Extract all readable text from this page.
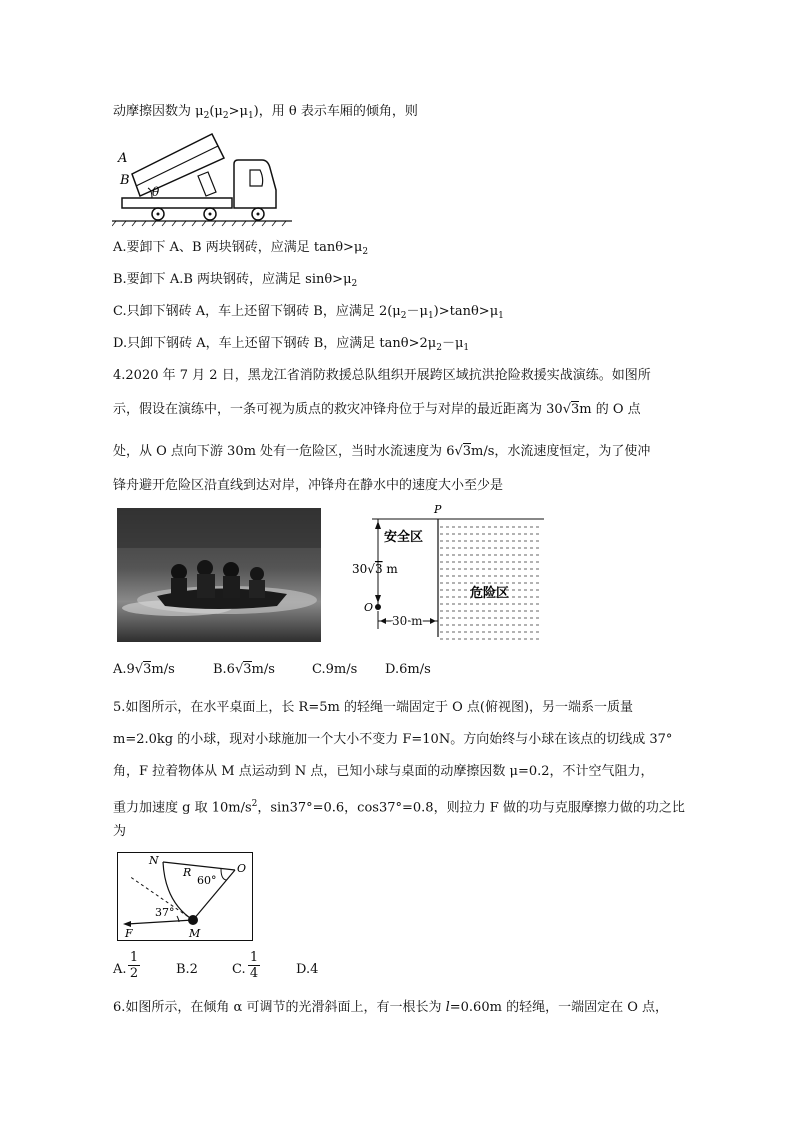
动摩擦因数为 $\mu_2(\mu_2>\mu_1)$，用 θ 表示车厢的倾角，则
A
B
θ
A.要卸下 A、B 两块钢砖，应满足 $\tan\theta>\mu_2$
B.要卸下 A.B 两块钢砖，应满足 $\sin\theta>\mu_2$
C.只卸下钢砖 A，车上还留下钢砖 B，应满足 $2(\mu_2-\mu_1)>\tan\theta>\mu_1$
D.只卸下钢砖 A，车上还留下钢砖 B，应满足 $\tan\theta>2\mu_2-\mu_1$
4.2020 年 7 月 2 日，黑龙江省消防救援总队组织开展跨区域抗洪抢险救援实战演练。如图所
示，假设在演练中，一条可视为质点的救灾冲锋舟位于与对岸的最近距离为 30√3m 的 O 点
处，从 O 点向下游 30m 处有一危险区，当时水流速度为 6√3m/s，水流速度恒定，为了使冲
锋舟避开危险区沿直线到达对岸，冲锋舟在静水中的速度大小至少是
P
安全区
危险区
30√3 m
O
30 m
A.9√3m/s	B.6√3m/s	C.9m/s D.6m/s
5.如图所示，在水平桌面上，长 R=5m 的轻绳一端固定于 O 点(俯视图)，另一端系一质量
m=2.0kg 的小球，现对小球施加一个大小不变力 F=10N。方向始终与小球在该点的切线成 37°
角，F 拉着物体从 M 点运动到 N 点，已知小球与桌面的动摩擦因数 μ=0.2，不计空气阻力，
重力加速度 g 取 $10m/s^2$，sin37°=0.6，cos37°=0.8，则拉力 F 做的功与克服摩擦力做的功之比
为
N
R
60°
O
37°
F	M
A. $\frac{1}{2}$	B.2	C. $\frac{1}{4}$	D.4
6.如图所示，在倾角 α 可调节的光滑斜面上，有一根长为 l=0.60m 的轻绳，一端固定在 O 点，
